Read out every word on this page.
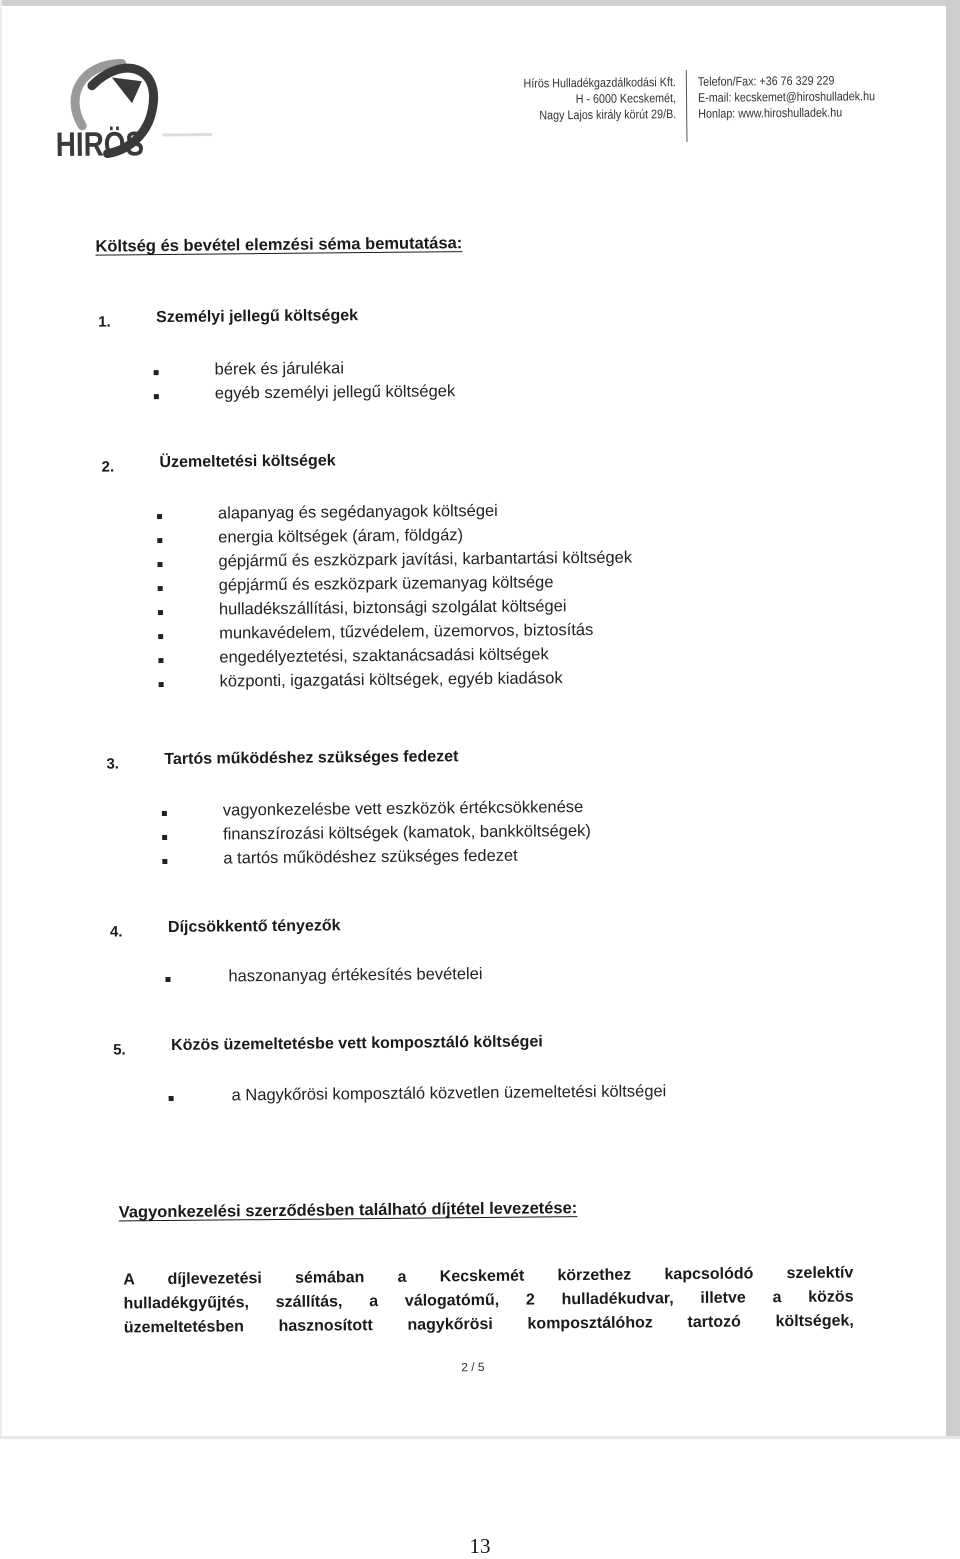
HIRÖS
Hírös Hulladékgazdálkodási Kft.
H - 6000 Kecskemét,
Nagy Lajos király körút 29/B.
Telefon/Fax: +36 76 329 229
E-mail: kecskemet@hiroshulladek.hu
Honlap: www.hiroshulladek.hu
Költség és bevétel elemzési séma bemutatása:
1.	Személyi jellegű költségek
bérek és járulékai
egyéb személyi jellegű költségek
2.	Üzemeltetési költségek
alapanyag és segédanyagok költségei
energia költségek (áram, földgáz)
gépjármű és eszközpark javítási, karbantartási költségek
gépjármű és eszközpark üzemanyag költsége
hulladékszállítási, biztonsági szolgálat költségei
munkavédelem, tűzvédelem, üzemorvos, biztosítás
engedélyeztetési, szaktanácsadási költségek
központi, igazgatási költségek, egyéb kiadások
3.	Tartós működéshez szükséges fedezet
vagyonkezelésbe vett eszközök értékcsökkenése
finanszírozási költségek (kamatok, bankköltségek)
a tartós működéshez szükséges fedezet
4.	Díjcsökkentő tényezők
haszonanyag értékesítés bevételei
5.	Közös üzemeltetésbe vett komposztáló költségei
a Nagykőrösi komposztáló közvetlen üzemeltetési költségei
Vagyonkezelési szerződésben található díjtétel levezetése:
A díjlevezetési sémában a Kecskemét körzethez kapcsolódó szelektív
hulladékgyűjtés, szállítás, a válogatómű, 2 hulladékudvar, illetve a közös
üzemeltetésben hasznosított nagykőrösi komposztálóhoz tartozó költségek,
2 / 5
13
